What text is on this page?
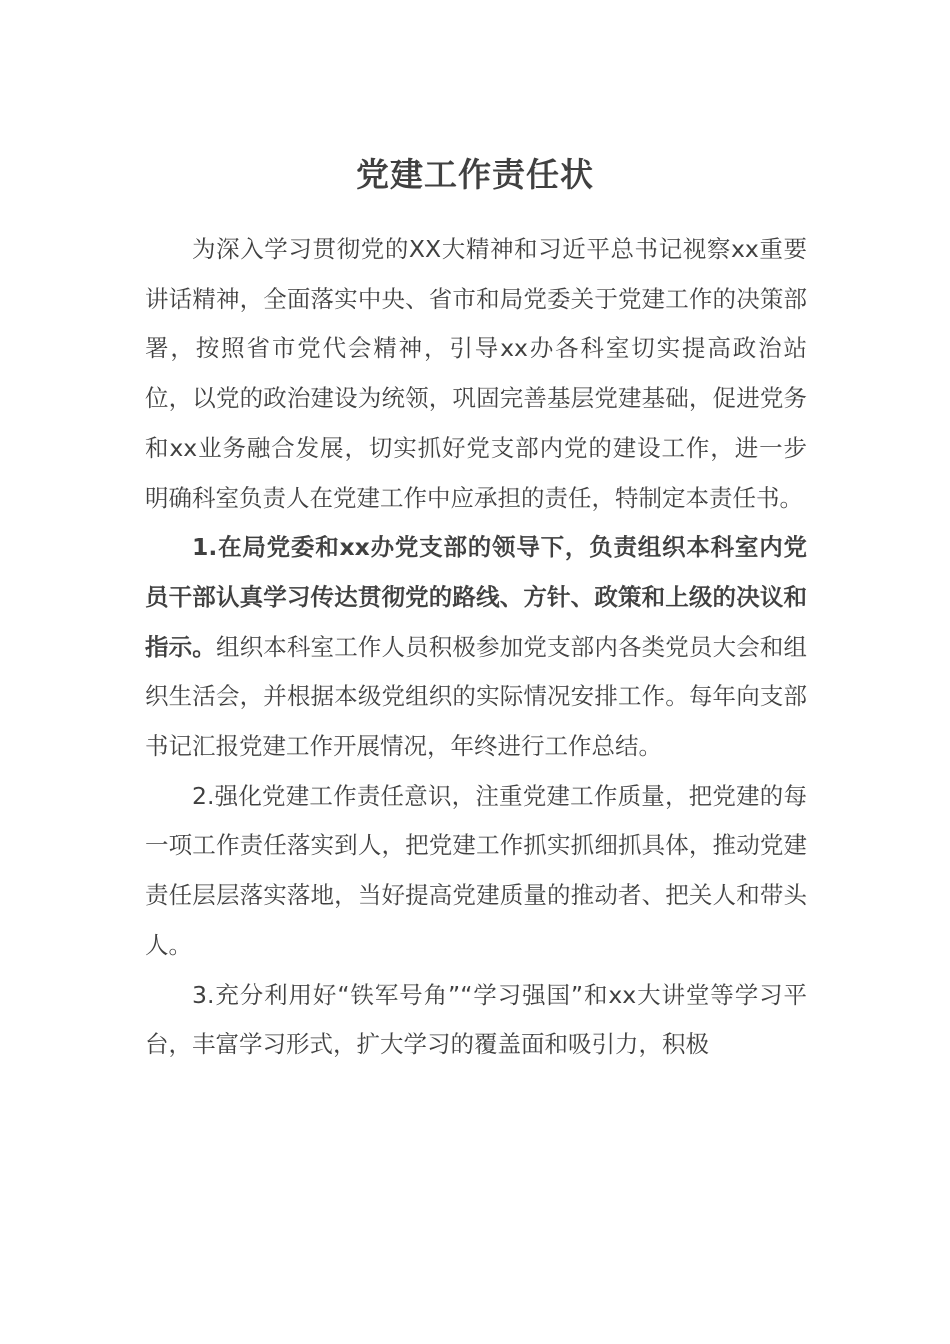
党建工作责任状

为深入学习贯彻党的XX大精神和习近平总书记视察xx重要讲话精神，全面落实中央、省市和局党委关于党建工作的决策部署，按照省市党代会精神，引导xx办各科室切实提高政治站位，以党的政治建设为统领，巩固完善基层党建基础，促进党务和xx业务融合发展，切实抓好党支部内党的建设工作，进一步明确科室负责人在党建工作中应承担的责任，特制定本责任书。

1.在局党委和xx办党支部的领导下，负责组织本科室内党员干部认真学习传达贯彻党的路线、方针、政策和上级的决议和指示。组织本科室工作人员积极参加党支部内各类党员大会和组织生活会，并根据本级党组织的实际情况安排工作。每年向支部书记汇报党建工作开展情况，年终进行工作总结。

2.强化党建工作责任意识，注重党建工作质量，把党建的每一项工作责任落实到人，把党建工作抓实抓细抓具体，推动党建责任层层落实落地，当好提高党建质量的推动者、把关人和带头人。

3.充分利用好“铁军号角”“学习强国”和xx大讲堂等学习平台，丰富学习形式，扩大学习的覆盖面和吸引力，积极
